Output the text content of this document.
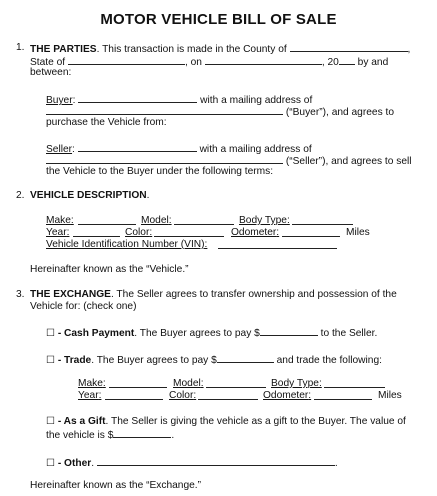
MOTOR VEHICLE BILL OF SALE
1. THE PARTIES. This transaction is made in the County of	,
State of	, on	, 20 by and
between:
Buyer:	with a mailing address of
(“Buyer”), and agrees to
purchase the Vehicle from:
Seller:	with a mailing address of
(“Seller”), and agrees to sell
the Vehicle to the Buyer under the following terms:
2. VEHICLE DESCRIPTION.
Make:	Model:	Body Type:
Year:	Color:	Odometer:	Miles
Vehicle Identification Number (VIN):
Hereinafter known as the “Vehicle.”
3. THE EXCHANGE. The Seller agrees to transfer ownership and possession of the
Vehicle for: (check one)
☐ - Cash Payment. The Buyer agrees to pay $	to the Seller.
☐ - Trade. The Buyer agrees to pay $	and trade the following:
Make:	Model:	Body Type:
Year:	Color:	Odometer:	Miles
☐ - As a Gift. The Seller is giving the vehicle as a gift to the Buyer. The value of
the vehicle is $	.
☐ - Other.	.
Hereinafter known as the “Exchange.”
